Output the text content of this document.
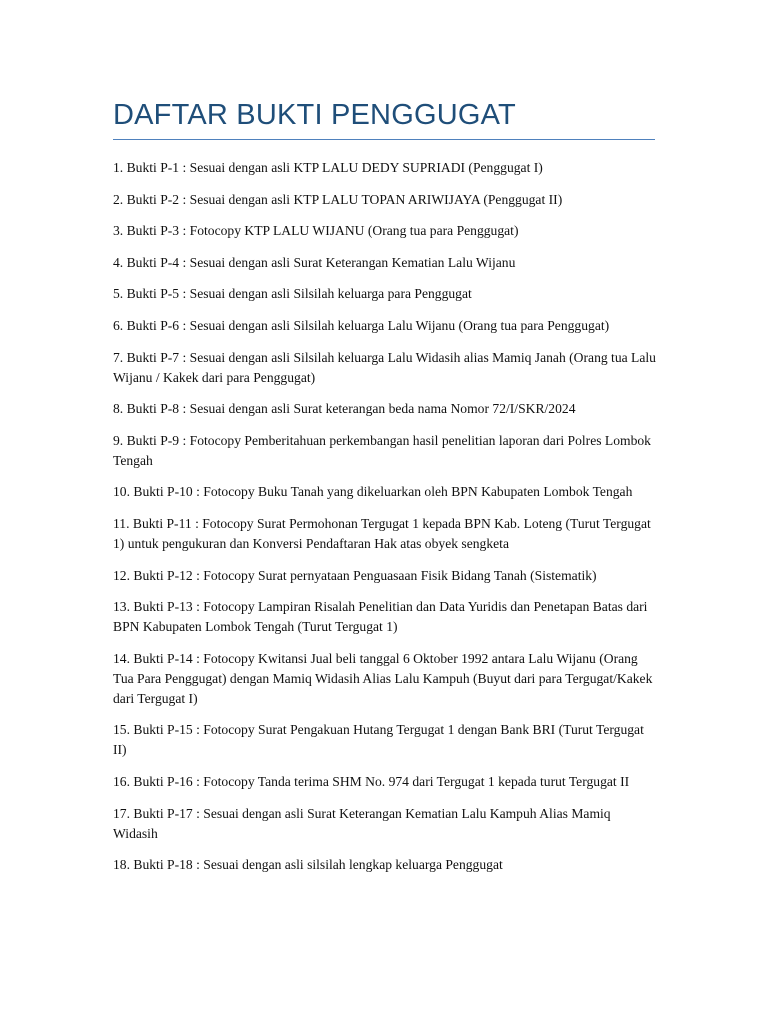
DAFTAR BUKTI PENGGUGAT
1. Bukti P-1 : Sesuai dengan asli KTP LALU DEDY SUPRIADI (Penggugat I)
2. Bukti P-2 : Sesuai dengan asli KTP LALU TOPAN ARIWIJAYA (Penggugat II)
3. Bukti P-3 : Fotocopy KTP LALU WIJANU (Orang tua para Penggugat)
4. Bukti P-4 : Sesuai dengan asli Surat Keterangan Kematian Lalu Wijanu
5. Bukti P-5 : Sesuai dengan asli Silsilah keluarga para Penggugat
6. Bukti P-6 : Sesuai dengan asli Silsilah keluarga Lalu Wijanu (Orang tua para Penggugat)
7. Bukti P-7 : Sesuai dengan asli Silsilah keluarga Lalu Widasih alias Mamiq Janah (Orang tua Lalu Wijanu / Kakek dari para Penggugat)
8. Bukti P-8 : Sesuai dengan asli Surat keterangan beda nama Nomor 72/I/SKR/2024
9. Bukti P-9 : Fotocopy Pemberitahuan perkembangan hasil penelitian laporan dari Polres Lombok Tengah
10. Bukti P-10 : Fotocopy Buku Tanah yang dikeluarkan oleh BPN Kabupaten Lombok Tengah
11. Bukti P-11 : Fotocopy Surat Permohonan Tergugat 1 kepada BPN Kab. Loteng (Turut Tergugat 1) untuk pengukuran dan Konversi Pendaftaran Hak atas obyek sengketa
12. Bukti P-12 : Fotocopy Surat pernyataan Penguasaan Fisik Bidang Tanah (Sistematik)
13. Bukti P-13 : Fotocopy Lampiran Risalah Penelitian dan Data Yuridis dan Penetapan Batas dari BPN Kabupaten Lombok Tengah (Turut Tergugat 1)
14. Bukti P-14 : Fotocopy Kwitansi Jual beli tanggal 6 Oktober 1992 antara Lalu Wijanu (Orang Tua Para Penggugat) dengan Mamiq Widasih Alias Lalu Kampuh (Buyut dari para Tergugat/Kakek dari Tergugat I)
15. Bukti P-15 : Fotocopy Surat Pengakuan Hutang Tergugat 1 dengan Bank BRI (Turut Tergugat II)
16. Bukti P-16 : Fotocopy Tanda terima SHM No. 974 dari Tergugat 1 kepada turut Tergugat II
17. Bukti P-17 : Sesuai dengan asli Surat Keterangan Kematian Lalu Kampuh Alias Mamiq Widasih
18. Bukti P-18 : Sesuai dengan asli silsilah lengkap keluarga Penggugat
